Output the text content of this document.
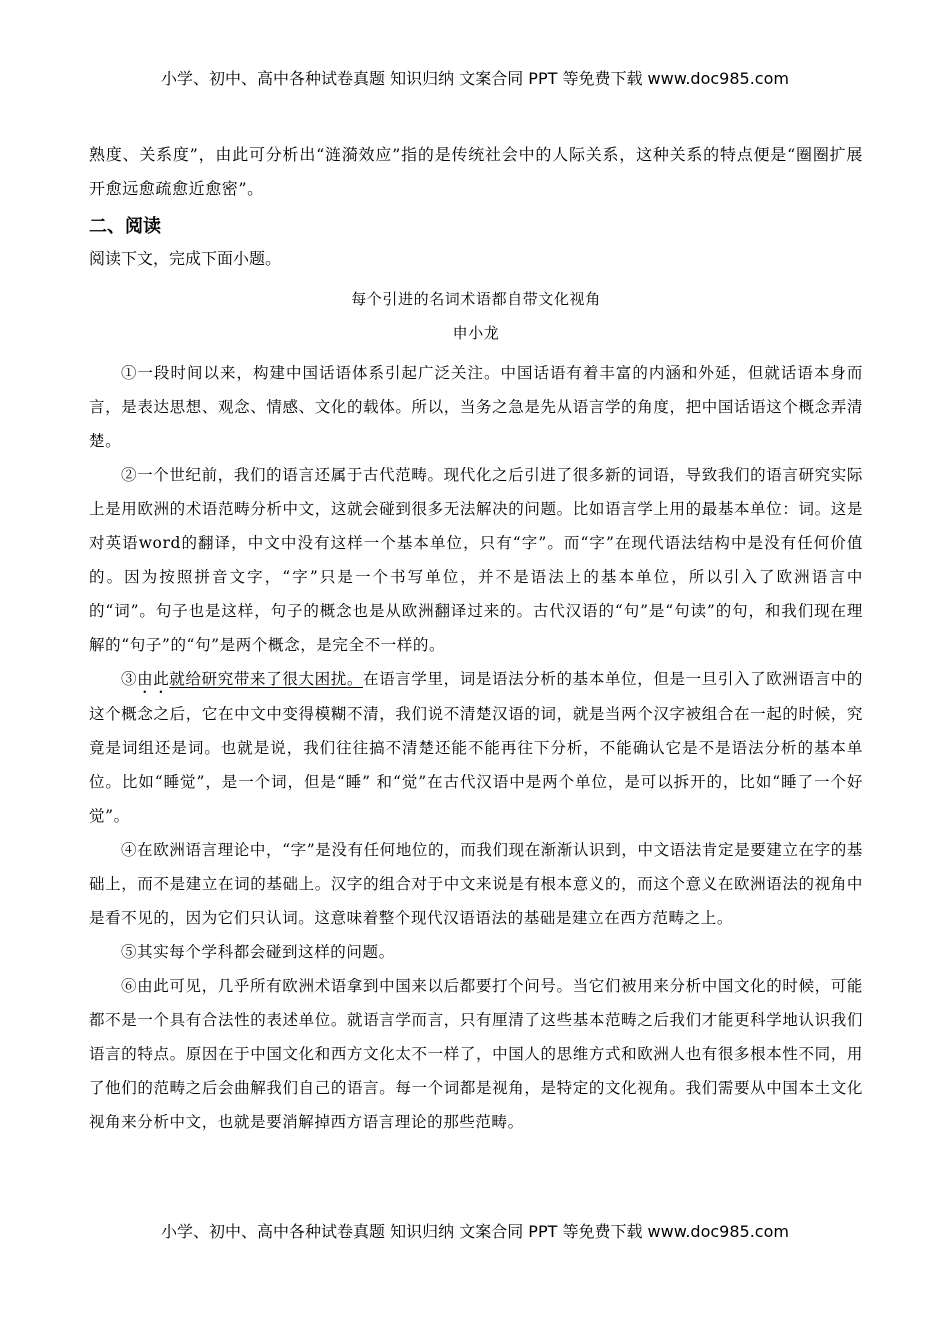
小学、初中、高中各种试卷真题 知识归纳 文案合同 PPT 等免费下载 www.doc985.com

熟度、关系度”，由此可分析出“涟漪效应”指的是传统社会中的人际关系，这种关系的特点便是“圈圈扩展开愈远愈疏愈近愈密”。

二、阅读
阅读下文，完成下面小题。
每个引进的名词术语都自带文化视角
申小龙

①一段时间以来，构建中国话语体系引起广泛关注。中国话语有着丰富的内涵和外延，但就话语本身而言，是表达思想、观念、情感、文化的载体。所以，当务之急是先从语言学的角度，把中国话语这个概念弄清楚。

②一个世纪前，我们的语言还属于古代范畴。现代化之后引进了很多新的词语，导致我们的语言研究实际上是用欧洲的术语范畴分析中文，这就会碰到很多无法解决的问题。比如语言学上用的最基本单位：词。这是对英语word的翻译，中文中没有这样一个基本单位，只有“字”。而“字”在现代语法结构中是没有任何价值的。因为按照拼音文字，“字”只是一个书写单位，并不是语法上的基本单位，所以引入了欧洲语言中的“词”。句子也是这样，句子的概念也是从欧洲翻译过来的。古代汉语的“句”是“句读”的句，和我们现在理解的“句子”的“句”是两个概念，是完全不一样的。

③由此就给研究带来了很大困扰。在语言学里，词是语法分析的基本单位，但是一旦引入了欧洲语言中的这个概念之后，它在中文中变得模糊不清，我们说不清楚汉语的词，就是当两个汉字被组合在一起的时候，究竟是词组还是词。也就是说，我们往往搞不清楚还能不能再往下分析，不能确认它是不是语法分析的基本单位。比如“睡觉”，是一个词，但是“睡” 和“觉”在古代汉语中是两个单位，是可以拆开的，比如“睡了一个好觉”。

④在欧洲语言理论中，“字”是没有任何地位的，而我们现在渐渐认识到，中文语法肯定是要建立在字的基础上，而不是建立在词的基础上。汉字的组合对于中文来说是有根本意义的，而这个意义在欧洲语法的视角中是看不见的，因为它们只认词。这意味着整个现代汉语语法的基础是建立在西方范畴之上。

⑤其实每个学科都会碰到这样的问题。

⑥由此可见，几乎所有欧洲术语拿到中国来以后都要打个问号。当它们被用来分析中国文化的时候，可能都不是一个具有合法性的表述单位。就语言学而言，只有厘清了这些基本范畴之后我们才能更科学地认识我们语言的特点。原因在于中国文化和西方文化太不一样了，中国人的思维方式和欧洲人也有很多根本性不同，用了他们的范畴之后会曲解我们自己的语言。每一个词都是视角，是特定的文化视角。我们需要从中国本土文化视角来分析中文，也就是要消解掉西方语言理论的那些范畴。

小学、初中、高中各种试卷真题 知识归纳 文案合同 PPT 等免费下载 www.doc985.com
